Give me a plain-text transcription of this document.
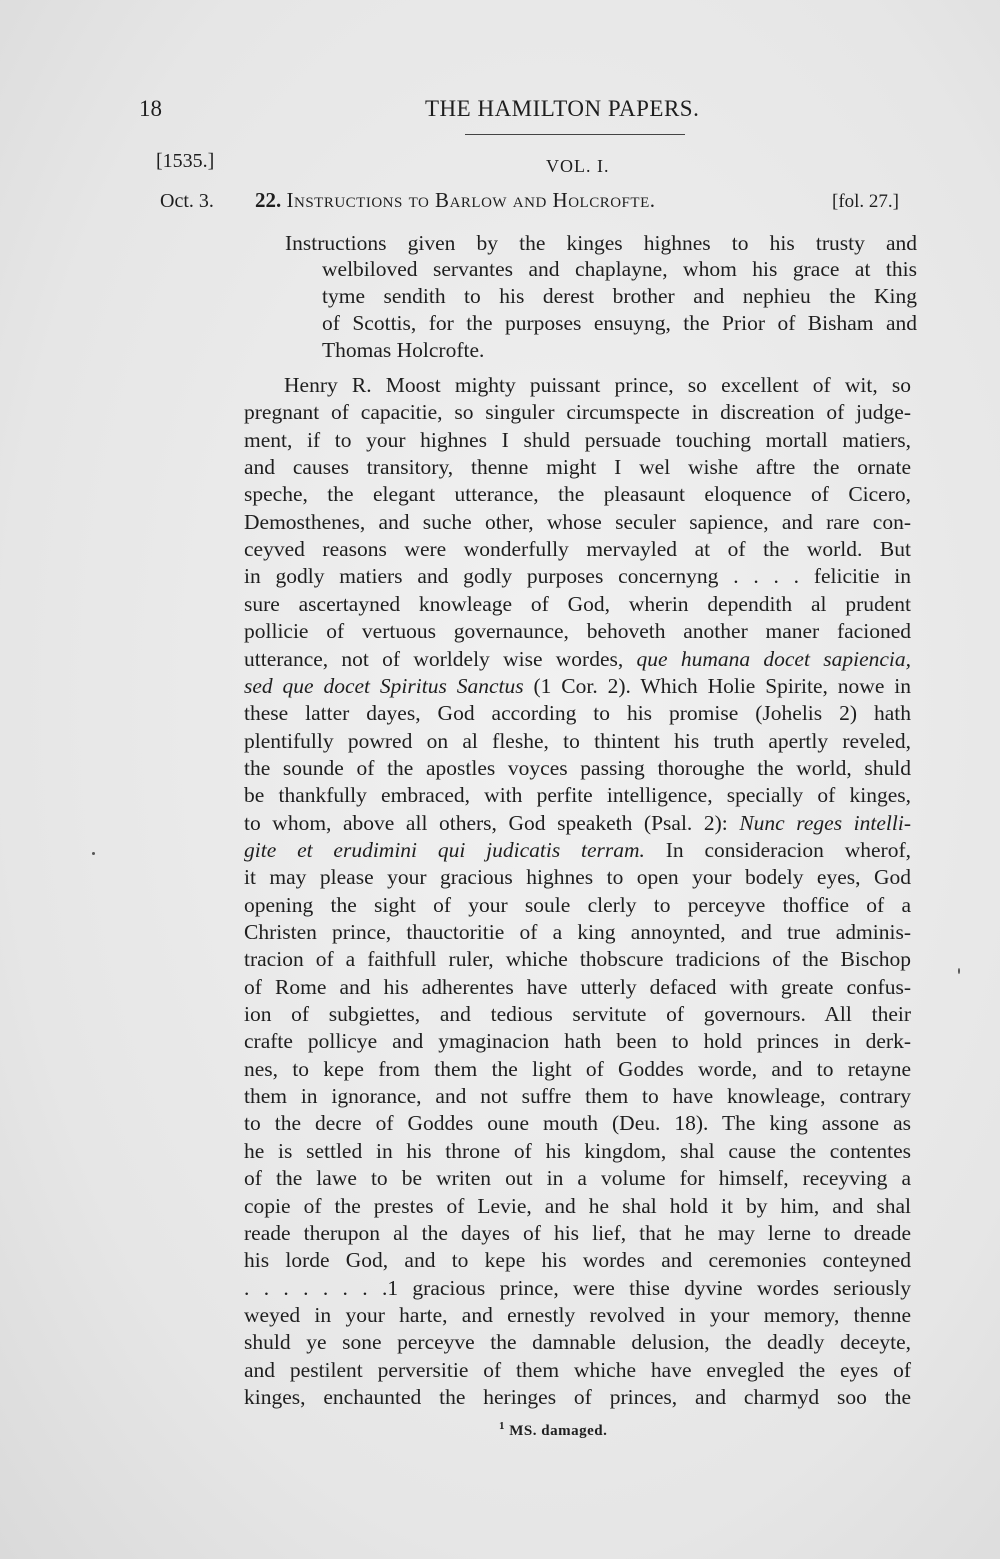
18	THE HAMILTON PAPERS.
[1535.]	VOL. I.
Oct. 3. 22. Instructions to Barlow and Holcrofte.	[fol. 27.]
Instructions given by the kinges highnes to his trusty and
welbiloved servantes and chaplayne, whom his grace at this
tyme sendith to his derest brother and nephieu the King
of Scottis, for the purposes ensuyng, the Prior of Bisham and
Thomas Holcrofte.
Henry R. Moost mighty puissant prince, so excellent of wit, so
pregnant of capacitie, so singuler circumspecte in discreation of judge-
ment, if to your highnes I shuld persuade touching mortall matiers,
and causes transitory, thenne might I wel wishe aftre the ornate
speche, the elegant utterance, the pleasaunt eloquence of Cicero,
Demosthenes, and suche other, whose seculer sapience, and rare con-
ceyved reasons were wonderfully mervayled at of the world. But
in godly matiers and godly purposes concernyng . . . . felicitie in
sure ascertayned knowleage of God, wherin dependith al prudent
pollicie of vertuous governaunce, behoveth another maner facioned
utterance, not of worldely wise wordes, que humana docet sapiencia,
sed que docet Spiritus Sanctus (1 Cor. 2). Which Holie Spirite, nowe in
these latter dayes, God according to his promise (Johelis 2) hath
plentifully powred on al fleshe, to thintent his truth apertly reveled,
the sounde of the apostles voyces passing thoroughe the world, shuld
be thankfully embraced, with perfite intelligence, specially of kinges,
to whom, above all others, God speaketh (Psal. 2): Nunc reges intelli-
gite et erudimini qui judicatis terram. In consideracion wherof,
it may please your gracious highnes to open your bodely eyes, God
opening the sight of your soule clerly to perceyve thoffice of a
Christen prince, thauctoritie of a king annoynted, and true adminis-
tracion of a faithfull ruler, whiche thobscure tradicions of the Bischop
of Rome and his adherentes have utterly defaced with greate confus-
ion of subgiettes, and tedious servitute of governours. All their
crafte pollicye and ymaginacion hath been to hold princes in derk-
nes, to kepe from them the light of Goddes worde, and to retayne
them in ignorance, and not suffre them to have knowleage, contrary
to the decre of Goddes oune mouth (Deu. 18). The king assone as
he is settled in his throne of his kingdom, shal cause the contentes
of the lawe to be writen out in a volume for himself, receyving a
copie of the prestes of Levie, and he shal hold it by him, and shal
reade therupon al the dayes of his lief, that he may lerne to dreade
his lorde God, and to kepe his wordes and ceremonies conteyned
. . . . . . . .1 gracious prince, were thise dyvine wordes seriously
weyed in your harte, and ernestly revolved in your memory, thenne
shuld ye sone perceyve the damnable delusion, the deadly deceyte,
and pestilent perversitie of them whiche have envegled the eyes of
kinges, enchaunted the heringes of princes, and charmyd soo the
$^1$ MS. damaged.
